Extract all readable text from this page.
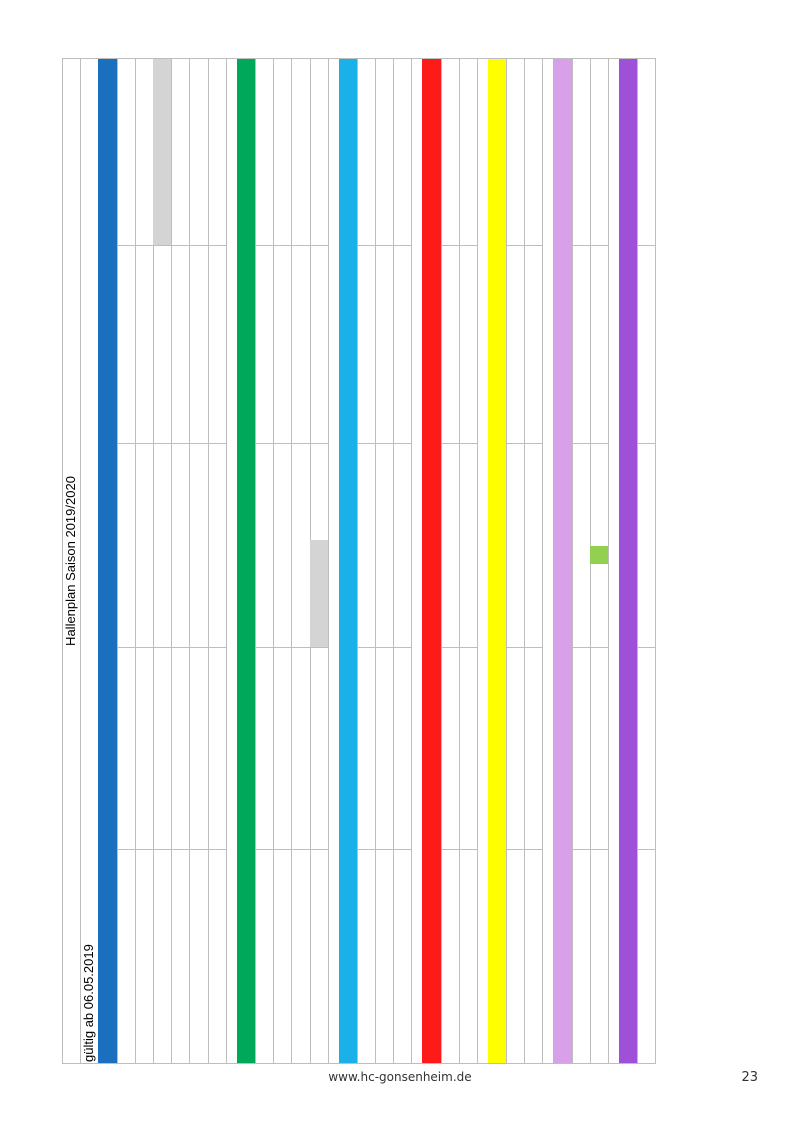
Hallenplan Saison 2019/2020
gültig ab 06.05.2019
www.hc-gonsenheim.de	23
